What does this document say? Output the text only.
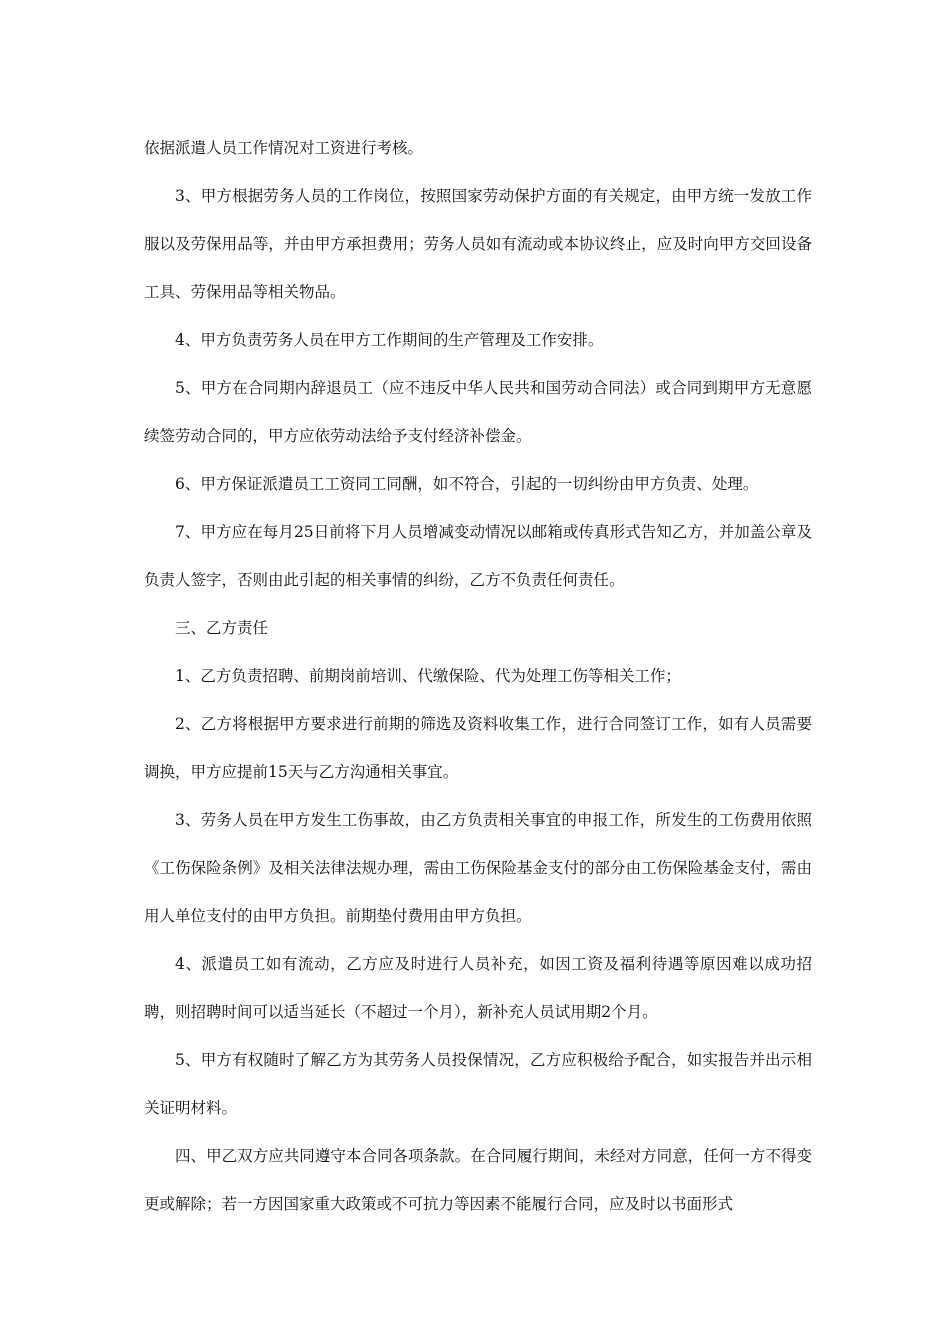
依据派遣人员工作情况对工资进行考核。

3、甲方根据劳务人员的工作岗位，按照国家劳动保护方面的有关规定，由甲方统一发放工作服以及劳保用品等，并由甲方承担费用；劳务人员如有流动或本协议终止，应及时向甲方交回设备工具、劳保用品等相关物品。

4、甲方负责劳务人员在甲方工作期间的生产管理及工作安排。

5、甲方在合同期内辞退员工（应不违反中华人民共和国劳动合同法）或合同到期甲方无意愿续签劳动合同的，甲方应依劳动法给予支付经济补偿金。

6、甲方保证派遣员工工资同工同酬，如不符合，引起的一切纠纷由甲方负责、处理。

7、甲方应在每月25日前将下月人员增减变动情况以邮箱或传真形式告知乙方，并加盖公章及负责人签字，否则由此引起的相关事情的纠纷，乙方不负责任何责任。

三、乙方责任

1、乙方负责招聘、前期岗前培训、代缴保险、代为处理工伤等相关工作；

2、乙方将根据甲方要求进行前期的筛选及资料收集工作，进行合同签订工作，如有人员需要调换，甲方应提前15天与乙方沟通相关事宜。

3、劳务人员在甲方发生工伤事故，由乙方负责相关事宜的申报工作，所发生的工伤费用依照《工伤保险条例》及相关法律法规办理，需由工伤保险基金支付的部分由工伤保险基金支付，需由用人单位支付的由甲方负担。前期垫付费用由甲方负担。

4、派遣员工如有流动，乙方应及时进行人员补充，如因工资及福利待遇等原因难以成功招聘，则招聘时间可以适当延长（不超过一个月），新补充人员试用期2个月。

5、甲方有权随时了解乙方为其劳务人员投保情况，乙方应积极给予配合，如实报告并出示相关证明材料。

四、甲乙双方应共同遵守本合同各项条款。在合同履行期间，未经对方同意，任何一方不得变更或解除；若一方因国家重大政策或不可抗力等因素不能履行合同，应及时以书面形式
